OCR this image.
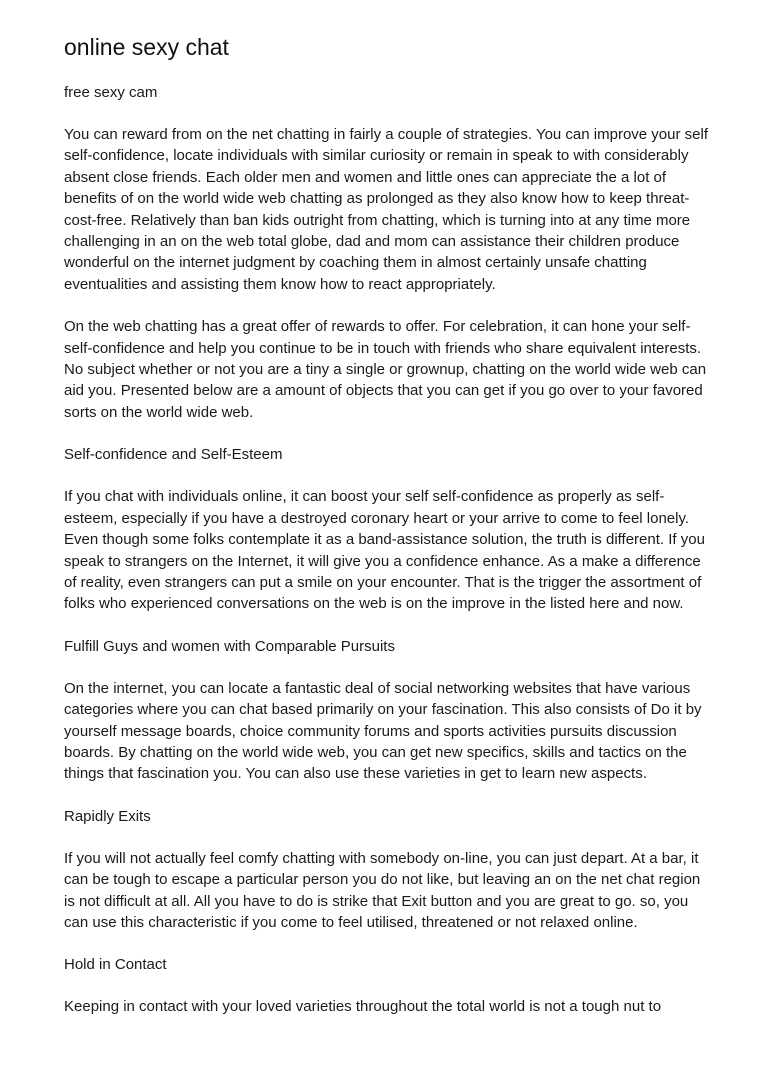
online sexy chat

free sexy cam

You can reward from on the net chatting in fairly a couple of strategies. You can improve your self self-confidence, locate individuals with similar curiosity or remain in speak to with considerably absent close friends. Each older men and women and little ones can appreciate the a lot of benefits of on the world wide web chatting as prolonged as they also know how to keep threat-cost-free. Relatively than ban kids outright from chatting, which is turning into at any time more challenging in an on the web total globe, dad and mom can assistance their children produce wonderful on the internet judgment by coaching them in almost certainly unsafe chatting eventualities and assisting them know how to react appropriately.

On the web chatting has a great offer of rewards to offer. For celebration, it can hone your self-self-confidence and help you continue to be in touch with friends who share equivalent interests. No subject whether or not you are a tiny a single or grownup, chatting on the world wide web can aid you. Presented below are a amount of objects that you can get if you go over to your favored sorts on the world wide web.

Self-confidence and Self-Esteem

If you chat with individuals online, it can boost your self self-confidence as properly as self-esteem, especially if you have a destroyed coronary heart or your arrive to come to feel lonely. Even though some folks contemplate it as a band-assistance solution, the truth is different. If you speak to strangers on the Internet, it will give you a confidence enhance. As a make a difference of reality, even strangers can put a smile on your encounter. That is the trigger the assortment of folks who experienced conversations on the web is on the improve in the listed here and now.

Fulfill Guys and women with Comparable Pursuits

On the internet, you can locate a fantastic deal of social networking websites that have various categories where you can chat based primarily on your fascination. This also consists of Do it by yourself message boards, choice community forums and sports activities pursuits discussion boards. By chatting on the world wide web, you can get new specifics, skills and tactics on the things that fascination you. You can also use these varieties in get to learn new aspects.

Rapidly Exits

If you will not actually feel comfy chatting with somebody on-line, you can just depart. At a bar, it can be tough to escape a particular person you do not like, but leaving an on the net chat region is not difficult at all. All you have to do is strike that Exit button and you are great to go. so, you can use this characteristic if you come to feel utilised, threatened or not relaxed online.

Hold in Contact

Keeping in contact with your loved varieties throughout the total world is not a tough nut to
